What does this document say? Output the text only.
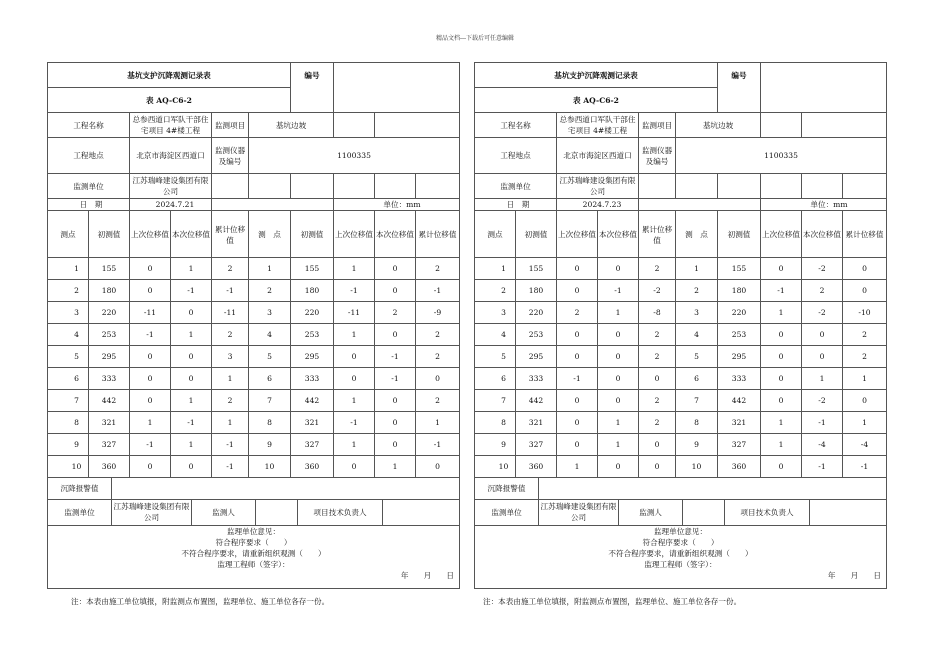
精品文档---下载后可任意编辑
基坑支护沉降观测记录表						编号			
表 AQ-C6-2									
工程名称		总参西道口军队干部住宅项目 4#楼工程		监测项目	基坑边坡				
工程地点		北京市海淀区西道口		监测仪器及编号	1100335				
监测单位		江苏瑞峰建设集团有限公司							
日　期		2024.7.21					单位：mm		
测点	初测值	上次位移值	本次位移值	累计位移值	测　点	初测值	上次位移值	本次位移值	累计位移值
1	155	0	1	2	1	155	1	0	2
2	180	0	-1	-1	2	180	-1	0	-1
3	220	-11	0	-11	3	220	-11	2	-9
4	253	-1	1	2	4	253	1	0	2
5	295	0	0	3	5	295	0	-1	2
6	333	0	0	1	6	333	0	-1	0
7	442	0	1	2	7	442	1	0	2
8	321	1	-1	1	8	321	-1	0	1
9	327	-1	1	-1	9	327	1	0	-1
10	360	0	0	-1	10	360	0	1	0
沉降报警值					
监测单位	江苏瑞峰建设集团有限公司	监测人		项目技术负责人	

监理单位意见：
符合程序要求（　　）
不符合程序要求，请重新组织观测（　　）
监理工程师（签字）：
年　　月　　日					
注：本表由施工单位填报，附监测点布置图，监理单位、施工单位各存一份。
基坑支护沉降观测记录表						编号			
表 AQ-C6-2									
工程名称		总参西道口军队干部住宅项目 4#楼工程		监测项目	基坑边坡				
工程地点		北京市海淀区西道口		监测仪器及编号	1100335				
监测单位		江苏瑞峰建设集团有限公司							
日　期		2024.7.23					单位：mm		
测点	初测值	上次位移值	本次位移值	累计位移值	测　点	初测值	上次位移值	本次位移值	累计位移值
1	155	0	0	2	1	155	0	-2	0
2	180	0	-1	-2	2	180	-1	2	0
3	220	2	1	-8	3	220	1	-2	-10
4	253	0	0	2	4	253	0	0	2
5	295	0	0	2	5	295	0	0	2
6	333	-1	0	0	6	333	0	1	1
7	442	0	0	2	7	442	0	-2	0
8	321	0	1	2	8	321	1	-1	1
9	327	0	1	0	9	327	1	-4	-4
10	360	1	0	0	10	360	0	-1	-1
沉降报警值					
监测单位	江苏瑞峰建设集团有限公司	监测人		项目技术负责人	

监理单位意见：
符合程序要求（　　）
不符合程序要求，请重新组织观测（　　）
监理工程师（签字）：
年　　月　　日					
注：本表由施工单位填报，附监测点布置图，监理单位、施工单位各存一份。
